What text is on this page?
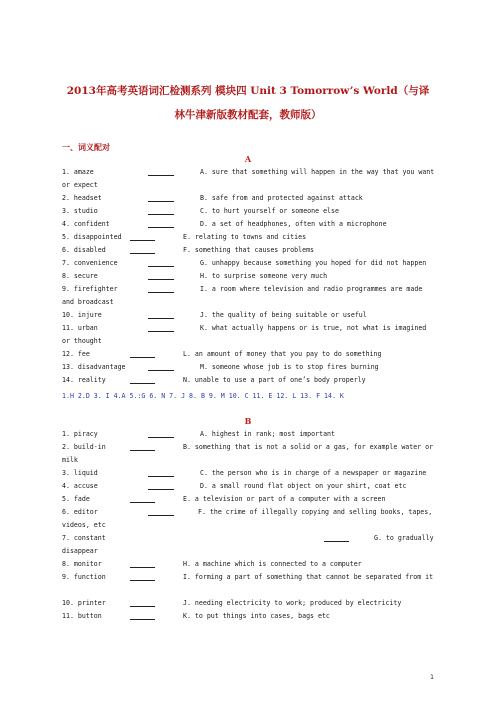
2013年高考英语词汇检测系列 模块四 Unit 3 Tomorrow’s World（与译
林牛津新版教材配套，教师版）
一、词义配对
A
1. amaze	A. sure that something will happen in the way that you want or expect
2. headset	B. safe from and protected against attack
3. studio	C. to hurt yourself or someone else
4. confident	D. a set of headphones, often with a microphone
5. disappointed	E. relating to towns and cities
6. disabled	F. something that causes problems
7. convenience	G. unhappy because something you hoped for did not happen
8. secure	H. to surprise someone very much
9. firefighter	I. a room where television and radio programmes are made and broadcast
10. injure	J. the quality of being suitable or useful
11. urban	K. what actually happens or is true, not what is imagined or thought
12. fee	L. an amount of money that you pay to do something
13. disadvantage	M. someone whose job is to stop fires burning
14. reality	N. unable to use a part of one’s body properly
1.H 2.D 3. I 4.A 5.:G 6. N 7. J 8. B 9. M 10. C 11. E 12. L 13. F 14. K
B
1. piracy	A. highest in rank; most important
2. build-in	B. something that is not a solid or a gas, for example water or milk
3. liquid	C. the person who is in charge of a newspaper or magazine
4. accuse	D. a small round flat object on your shirt, coat etc
5. fade	E. a television or part of a computer with a screen
6. editor	F. the crime of illegally copying and selling books, tapes, videos, etc
7. constant	G. to gradually disappear
8. monitor	H. a machine which is connected to a computer
9. function	I. forming a part of something that cannot be separated from it
10. printer	J. needing electricity to work; produced by electricity
11. button	K. to put things into cases, bags etc
1
